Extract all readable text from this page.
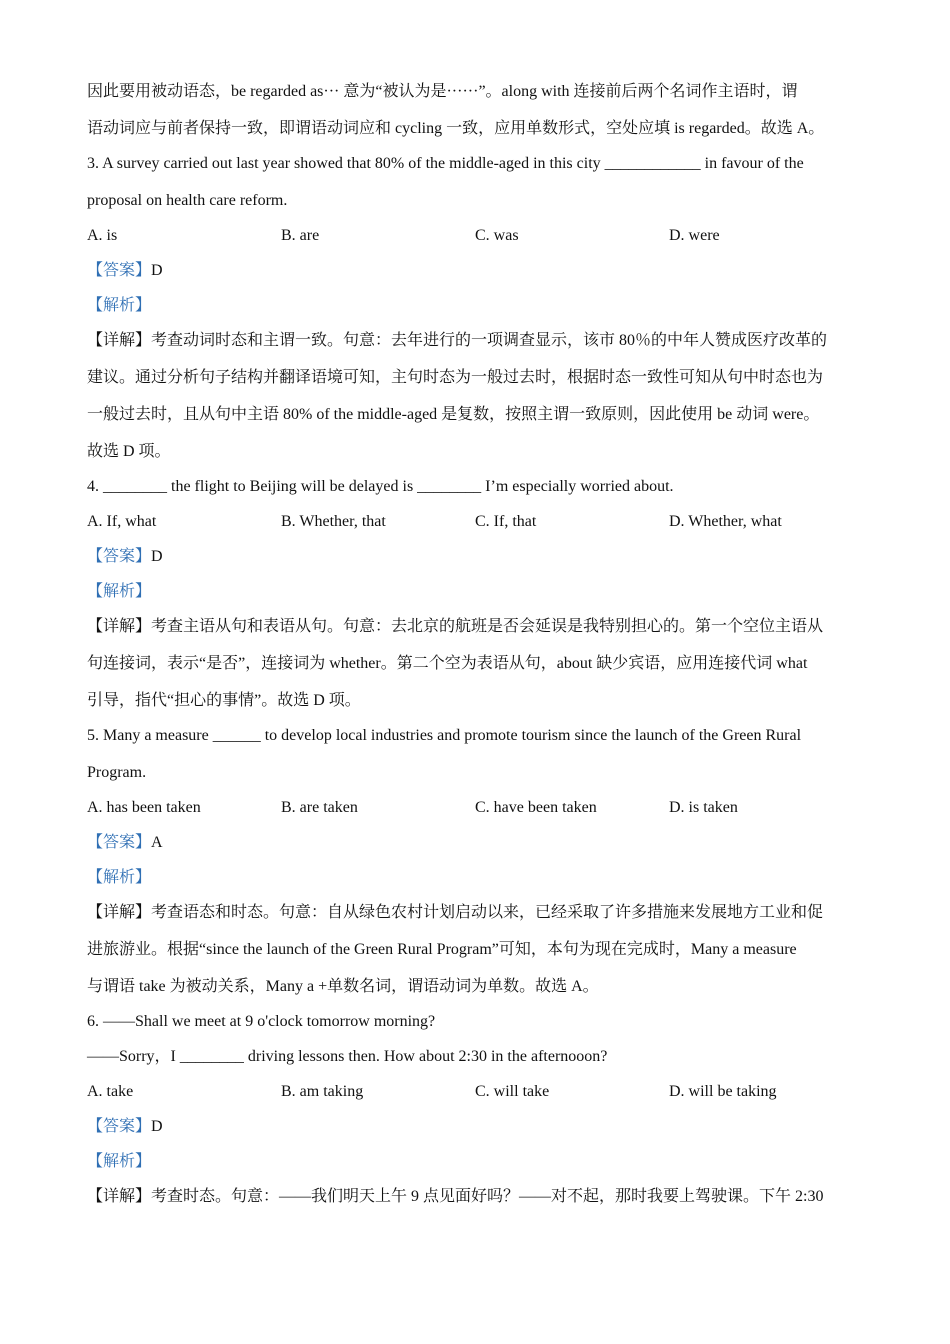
因此要用被动语态，be regarded as··· 意为“被认为是······”。along with 连接前后两个名词作主语时，谓
语动词应与前者保持一致，即谓语动词应和 cycling 一致，应用单数形式，空处应填 is regarded。故选 A。
3. A survey carried out last year showed that 80% of the middle-aged in this city ____________ in favour of the
proposal on health care reform.
A. is	B. are	C. was	D. were
【答案】D
【解析】
【详解】考查动词时态和主谓一致。句意：去年进行的一项调查显示，该市 80％的中年人赞成医疗改革的
建议。通过分析句子结构并翻译语境可知，主句时态为一般过去时，根据时态一致性可知从句中时态也为
一般过去时，且从句中主语 80% of the middle-aged 是复数，按照主谓一致原则，因此使用 be 动词 were。
故选 D 项。
4. ________ the flight to Beijing will be delayed is ________ I’m especially worried about.
A. If, what	B. Whether, that	C. If, that	D. Whether, what
【答案】D
【解析】
【详解】考查主语从句和表语从句。句意：去北京的航班是否会延误是我特别担心的。第一个空位主语从
句连接词，表示“是否”，连接词为 whether。第二个空为表语从句，about 缺少宾语，应用连接代词 what
引导，指代“担心的事情”。故选 D 项。
5. Many a measure ______ to develop local industries and promote tourism since the launch of the Green Rural
Program.
A. has been taken	B. are taken	C. have been taken	D. is taken
【答案】A
【解析】
【详解】考查语态和时态。句意：自从绿色农村计划启动以来，已经采取了许多措施来发展地方工业和促
进旅游业。根据“since the launch of the Green Rural Program”可知，本句为现在完成时，Many a measure
与谓语 take 为被动关系，Many a +单数名词，谓语动词为单数。故选 A。
6. ——Shall we meet at 9 o'clock tomorrow morning?
——Sorry，I ________ driving lessons then. How about 2:30 in the afternooon?
A. take	B. am taking	C. will take	D. will be taking
【答案】D
【解析】
【详解】考查时态。句意：——我们明天上午 9 点见面好吗？——对不起，那时我要上驾驶课。下午 2:30
